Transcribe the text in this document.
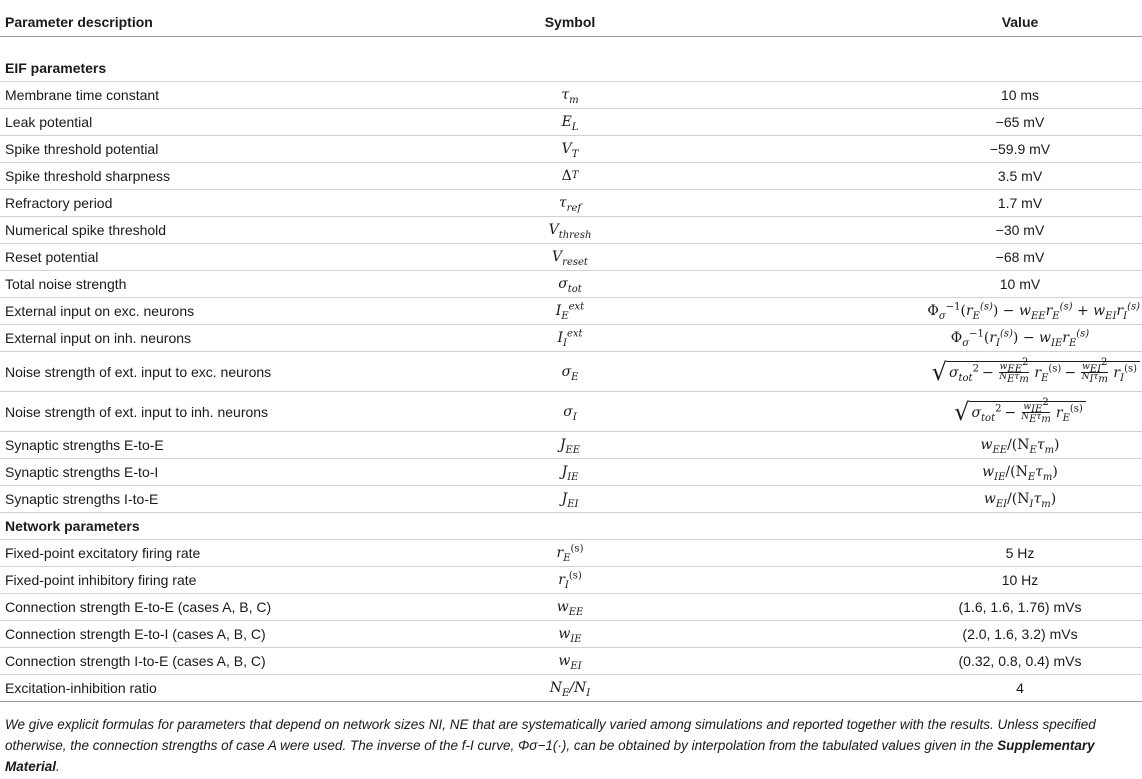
Parameter description	Symbol	Value
EIF parameters
Membrane time constant	$\tau_m$	10 ms
Leak potential	$E_L$	−65 mV
Spike threshold potential	$V_T$	−59.9 mV
Spike threshold sharpness	Δ T	3.5 mV
Refractory period	$\tau_{ref}$	1.7 mV
Numerical spike threshold	$V_{thresh}$	−30 mV
Reset potential	$V_{reset}$	−68 mV
Total noise strength	$\sigma_{tot}$	10 mV
External input on exc. neurons	$I_E^{ext}$	$\Phi_\sigma^{-1}(r_E^{(s)}) - w_{EE}r_E^{(s)} + w_{EI}r_I^{(s)}$
External input on inh. neurons	$I_I^{ext}$	$\Phi_\sigma^{-1}(r_I^{(s)}) - w_{IE}r_E^{(s)}$
Noise strength of ext. input to exc. neurons	$\sigma_E$	√ $\sigma_{tot}^2 - \frac{w_{EE}^2}{N_E\tau_m} r_E^{(s)} - \frac{w_{EI}^2}{N_I\tau_m} r_I^{(s)}$
Noise strength of ext. input to inh. neurons	$\sigma_I$	√ $\sigma_{tot}^2 - \frac{w_{IE}^2}{N_E\tau_m} r_E^{(s)}$
Synaptic strengths E-to-E	$J_{EE}$	$w_{EE}/(N_E\tau_m)$
Synaptic strengths E-to-I	$J_{IE}$	$w_{IE}/(N_E\tau_m)$
Synaptic strengths I-to-E	$J_{EI}$	$w_{EI}/(N_I\tau_m)$
Network parameters
Fixed-point excitatory firing rate	$r_E^{(s)}$	5 Hz
Fixed-point inhibitory firing rate	$r_I^{(s)}$	10 Hz
Connection strength E-to-E (cases A, B, C)	$w_{EE}$	(1.6, 1.6, 1.76) mVs
Connection strength E-to-I (cases A, B, C)	$w_{IE}$	(2.0, 1.6, 3.2) mVs
Connection strength I-to-E (cases A, B, C)	$w_{EI}$	(0.32, 0.8, 0.4) mVs
Excitation-inhibition ratio	$N_E/N_I$	4
We give explicit formulas for parameters that depend on network sizes NI, NE that are systematically varied among simulations and reported together with the results. Unless specified otherwise, the connection strengths of case A were used. The inverse of the f-I curve, Φσ−1(·), can be obtained by interpolation from the tabulated values given in the Supplementary Material.
